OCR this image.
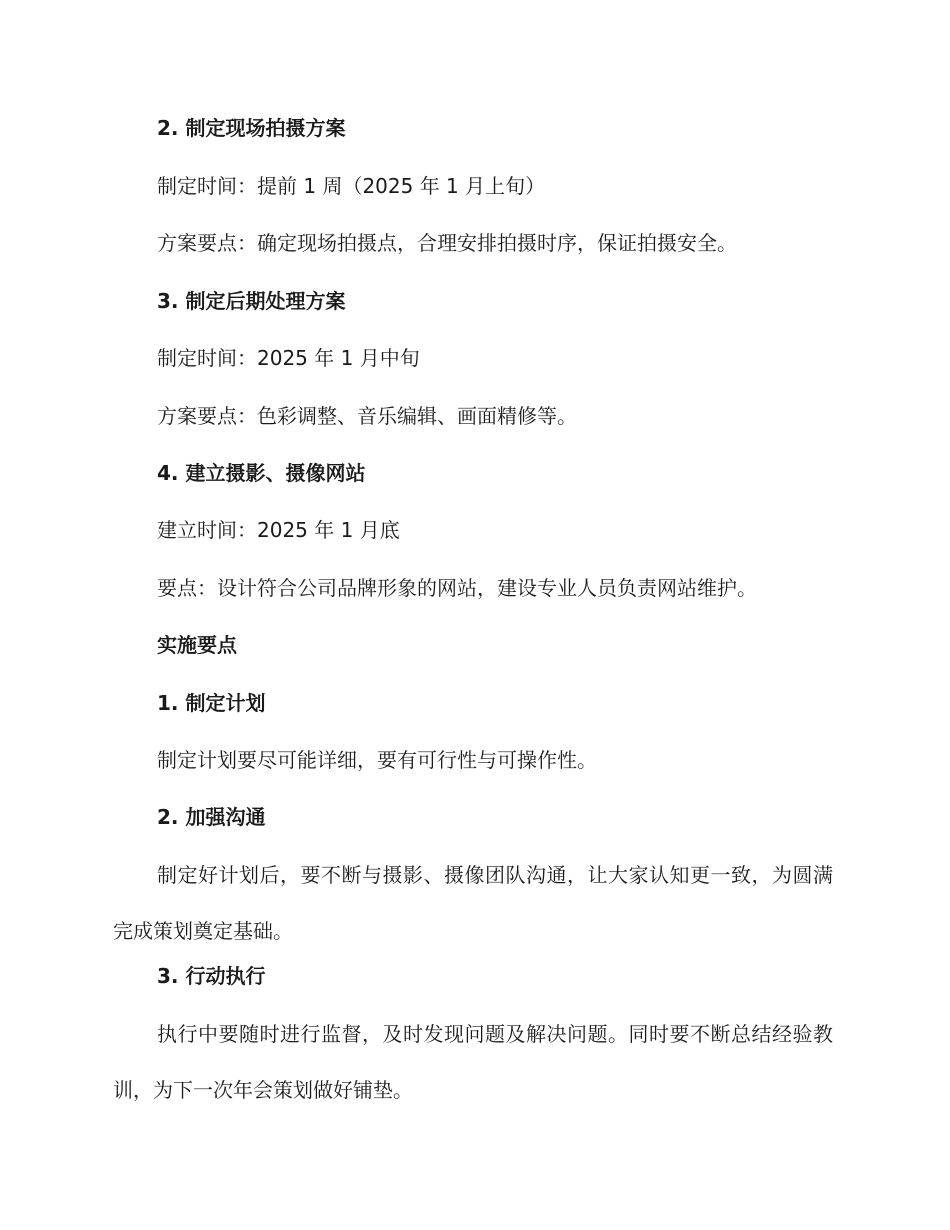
2. 制定现场拍摄方案
制定时间：提前 1 周（2025 年 1 月上旬）
方案要点：确定现场拍摄点，合理安排拍摄时序，保证拍摄安全。
3. 制定后期处理方案
制定时间：2025 年 1 月中旬
方案要点：色彩调整、音乐编辑、画面精修等。
4. 建立摄影、摄像网站
建立时间：2025 年 1 月底
要点：设计符合公司品牌形象的网站，建设专业人员负责网站维护。
实施要点
1. 制定计划
制定计划要尽可能详细，要有可行性与可操作性。
2. 加强沟通
制定好计划后，要不断与摄影、摄像团队沟通，让大家认知更一致，为圆满完成策划奠定基础。
3. 行动执行
执行中要随时进行监督，及时发现问题及解决问题。同时要不断总结经验教训，为下一次年会策划做好铺垫。
